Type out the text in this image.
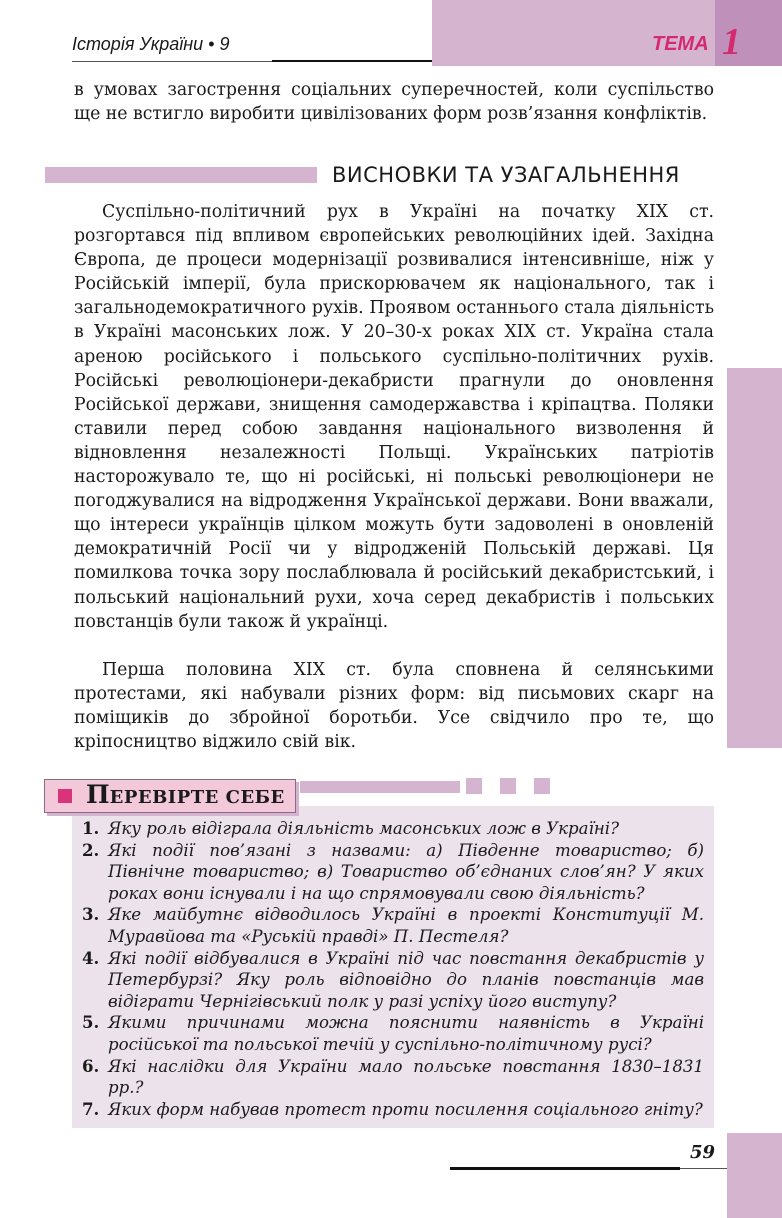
Історія України • 9	ТЕМА 1
в умовах загострення соціальних суперечностей, коли суспільство ще не встигло виробити цивілізованих форм розв’язання конфліктів.
ВИСНОВКИ ТА УЗАГАЛЬНЕННЯ
Суспільно-політичний рух в Україні на початку XIX ст. розгортався під впливом європейських революційних ідей. Західна Європа, де процеси модернізації розвивалися інтенсивніше, ніж у Російській імперії, була прискорювачем як національного, так і загальнодемократичного рухів. Проявом останнього стала діяльність в Україні масонських лож. У 20–30-х роках XIX ст. Україна стала ареною російського і польського суспільно-політичних рухів. Російські революціонери-декабристи прагнули до оновлення Російської держави, знищення самодержавства і кріпацтва. Поляки ставили перед собою завдання національного визволення й відновлення незалежності Польщі. Українських патріотів насторожувало те, що ні російські, ні польські революціонери не погоджувалися на відродження Української держави. Вони вважали, що інтереси українців цілком можуть бути задоволені в оновленій демократичній Росії чи у відродженій Польській державі. Ця помилкова точка зору послаблювала й російський декабристський, і польський національний рухи, хоча серед декабристів і польських повстанців були також й українці.
Перша половина XIX ст. була сповнена й селянськими протестами, які набували різних форм: від письмових скарг на поміщиків до збройної боротьби. Усе свідчило про те, що кріпосництво віджило свій вік.
ПЕРЕВІРТЕ СЕБЕ
1. Яку роль відіграла діяльність масонських лож в Україні?
2. Які події пов’язані з назвами: а) Південне товариство; б) Північне товариство; в) Товариство об’єднаних слов’ян? У яких роках вони існували і на що спрямовували свою діяльність?
3. Яке майбутнє відводилось Україні в проекті Конституції М. Муравйова та «Руській правді» П. Пестеля?
4. Які події відбувалися в Україні під час повстання декабристів у Петербурзі? Яку роль відповідно до планів повстанців мав відіграти Чернігівський полк у разі успіху його виступу?
5. Якими причинами можна пояснити наявність в Україні російської та польської течій у суспільно-політичному русі?
6. Які наслідки для України мало польське повстання 1830–1831 рр.?
7. Яких форм набував протест проти посилення соціального гніту?
59
